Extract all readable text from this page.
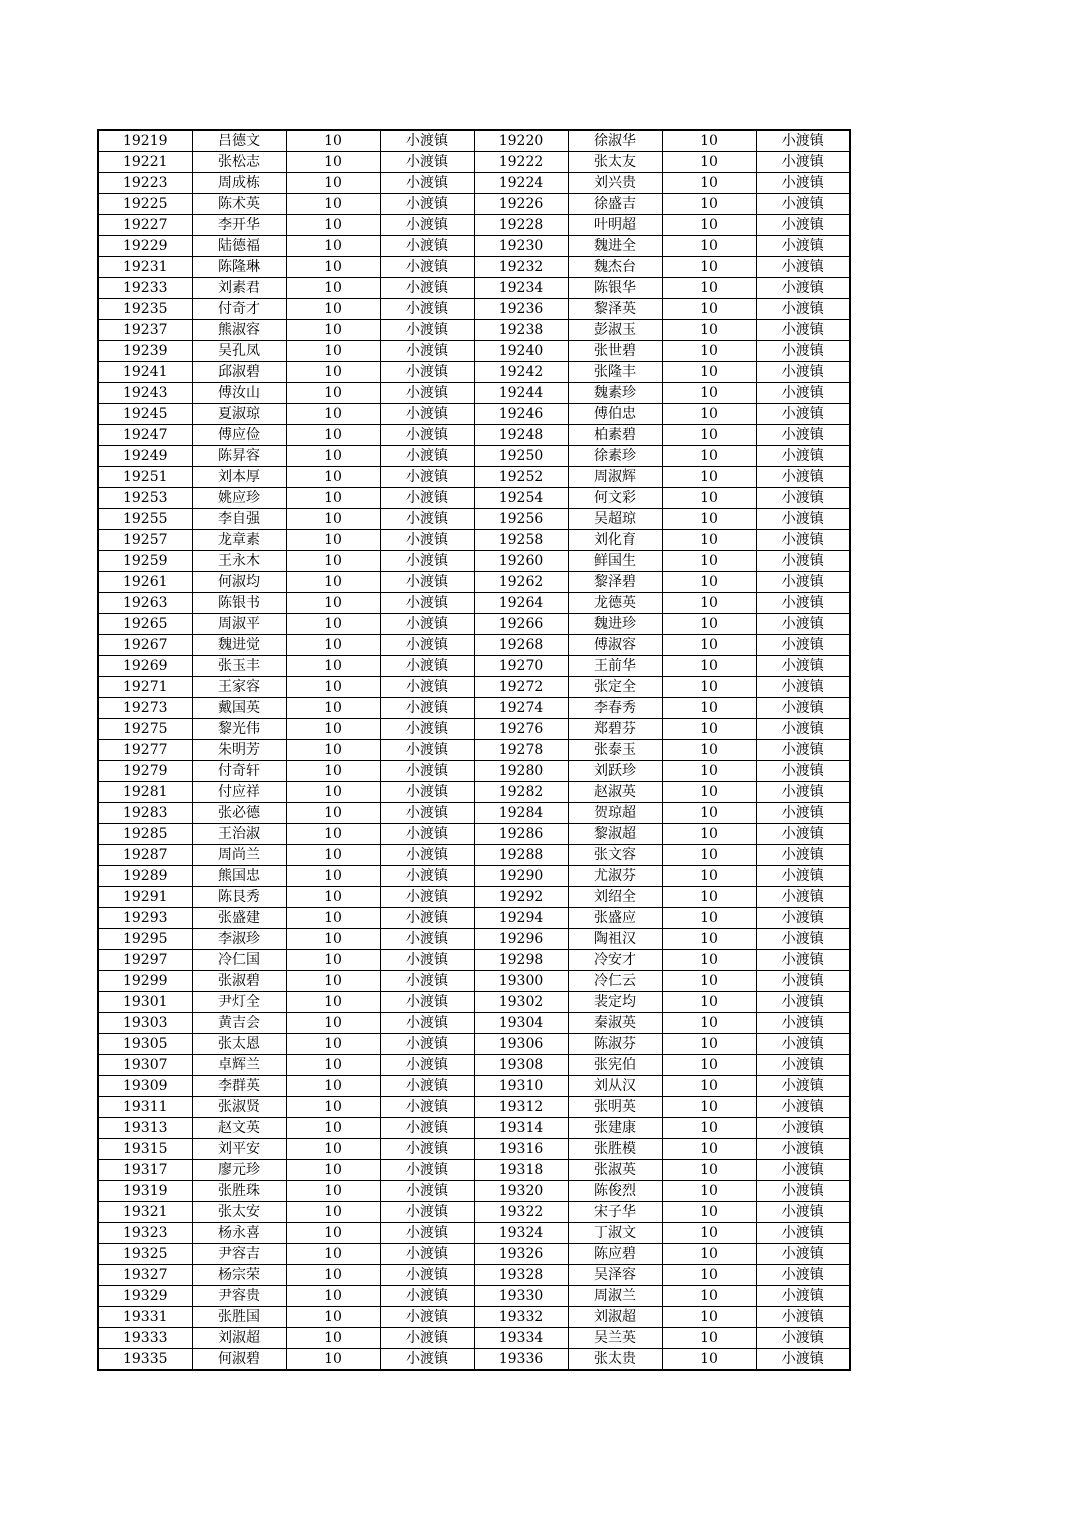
19219	吕德文	10	小渡镇	19220	徐淑华	10	小渡镇
19221	张松志	10	小渡镇	19222	张太友	10	小渡镇
19223	周成栋	10	小渡镇	19224	刘兴贵	10	小渡镇
19225	陈术英	10	小渡镇	19226	徐盛吉	10	小渡镇
19227	李开华	10	小渡镇	19228	叶明超	10	小渡镇
19229	陆德福	10	小渡镇	19230	魏进全	10	小渡镇
19231	陈隆琳	10	小渡镇	19232	魏杰台	10	小渡镇
19233	刘素君	10	小渡镇	19234	陈银华	10	小渡镇
19235	付奇才	10	小渡镇	19236	黎泽英	10	小渡镇
19237	熊淑容	10	小渡镇	19238	彭淑玉	10	小渡镇
19239	吴孔凤	10	小渡镇	19240	张世碧	10	小渡镇
19241	邱淑碧	10	小渡镇	19242	张隆丰	10	小渡镇
19243	傅汝山	10	小渡镇	19244	魏素珍	10	小渡镇
19245	夏淑琼	10	小渡镇	19246	傅伯忠	10	小渡镇
19247	傅应俭	10	小渡镇	19248	柏素碧	10	小渡镇
19249	陈昇容	10	小渡镇	19250	徐素珍	10	小渡镇
19251	刘本厚	10	小渡镇	19252	周淑辉	10	小渡镇
19253	姚应珍	10	小渡镇	19254	何文彩	10	小渡镇
19255	李自强	10	小渡镇	19256	吴超琼	10	小渡镇
19257	龙章素	10	小渡镇	19258	刘化育	10	小渡镇
19259	王永木	10	小渡镇	19260	鲜国生	10	小渡镇
19261	何淑均	10	小渡镇	19262	黎泽碧	10	小渡镇
19263	陈银书	10	小渡镇	19264	龙德英	10	小渡镇
19265	周淑平	10	小渡镇	19266	魏进珍	10	小渡镇
19267	魏进觉	10	小渡镇	19268	傅淑容	10	小渡镇
19269	张玉丰	10	小渡镇	19270	王前华	10	小渡镇
19271	王家容	10	小渡镇	19272	张定全	10	小渡镇
19273	戴国英	10	小渡镇	19274	李春秀	10	小渡镇
19275	黎光伟	10	小渡镇	19276	郑碧芬	10	小渡镇
19277	朱明芳	10	小渡镇	19278	张泰玉	10	小渡镇
19279	付奇轩	10	小渡镇	19280	刘跃珍	10	小渡镇
19281	付应祥	10	小渡镇	19282	赵淑英	10	小渡镇
19283	张必德	10	小渡镇	19284	贺琼超	10	小渡镇
19285	王治淑	10	小渡镇	19286	黎淑超	10	小渡镇
19287	周尚兰	10	小渡镇	19288	张文容	10	小渡镇
19289	熊国忠	10	小渡镇	19290	尤淑芬	10	小渡镇
19291	陈艮秀	10	小渡镇	19292	刘绍全	10	小渡镇
19293	张盛建	10	小渡镇	19294	张盛应	10	小渡镇
19295	李淑珍	10	小渡镇	19296	陶祖汉	10	小渡镇
19297	冷仁国	10	小渡镇	19298	冷安才	10	小渡镇
19299	张淑碧	10	小渡镇	19300	冷仁云	10	小渡镇
19301	尹灯全	10	小渡镇	19302	裴定均	10	小渡镇
19303	黄吉会	10	小渡镇	19304	秦淑英	10	小渡镇
19305	张太恩	10	小渡镇	19306	陈淑芬	10	小渡镇
19307	卓辉兰	10	小渡镇	19308	张宪伯	10	小渡镇
19309	李群英	10	小渡镇	19310	刘从汉	10	小渡镇
19311	张淑贤	10	小渡镇	19312	张明英	10	小渡镇
19313	赵文英	10	小渡镇	19314	张建康	10	小渡镇
19315	刘平安	10	小渡镇	19316	张胜模	10	小渡镇
19317	廖元珍	10	小渡镇	19318	张淑英	10	小渡镇
19319	张胜珠	10	小渡镇	19320	陈俊烈	10	小渡镇
19321	张太安	10	小渡镇	19322	宋子华	10	小渡镇
19323	杨永喜	10	小渡镇	19324	丁淑文	10	小渡镇
19325	尹容吉	10	小渡镇	19326	陈应碧	10	小渡镇
19327	杨宗荣	10	小渡镇	19328	吴泽容	10	小渡镇
19329	尹容贵	10	小渡镇	19330	周淑兰	10	小渡镇
19331	张胜国	10	小渡镇	19332	刘淑超	10	小渡镇
19333	刘淑超	10	小渡镇	19334	吴兰英	10	小渡镇
19335	何淑碧	10	小渡镇	19336	张太贵	10	小渡镇
